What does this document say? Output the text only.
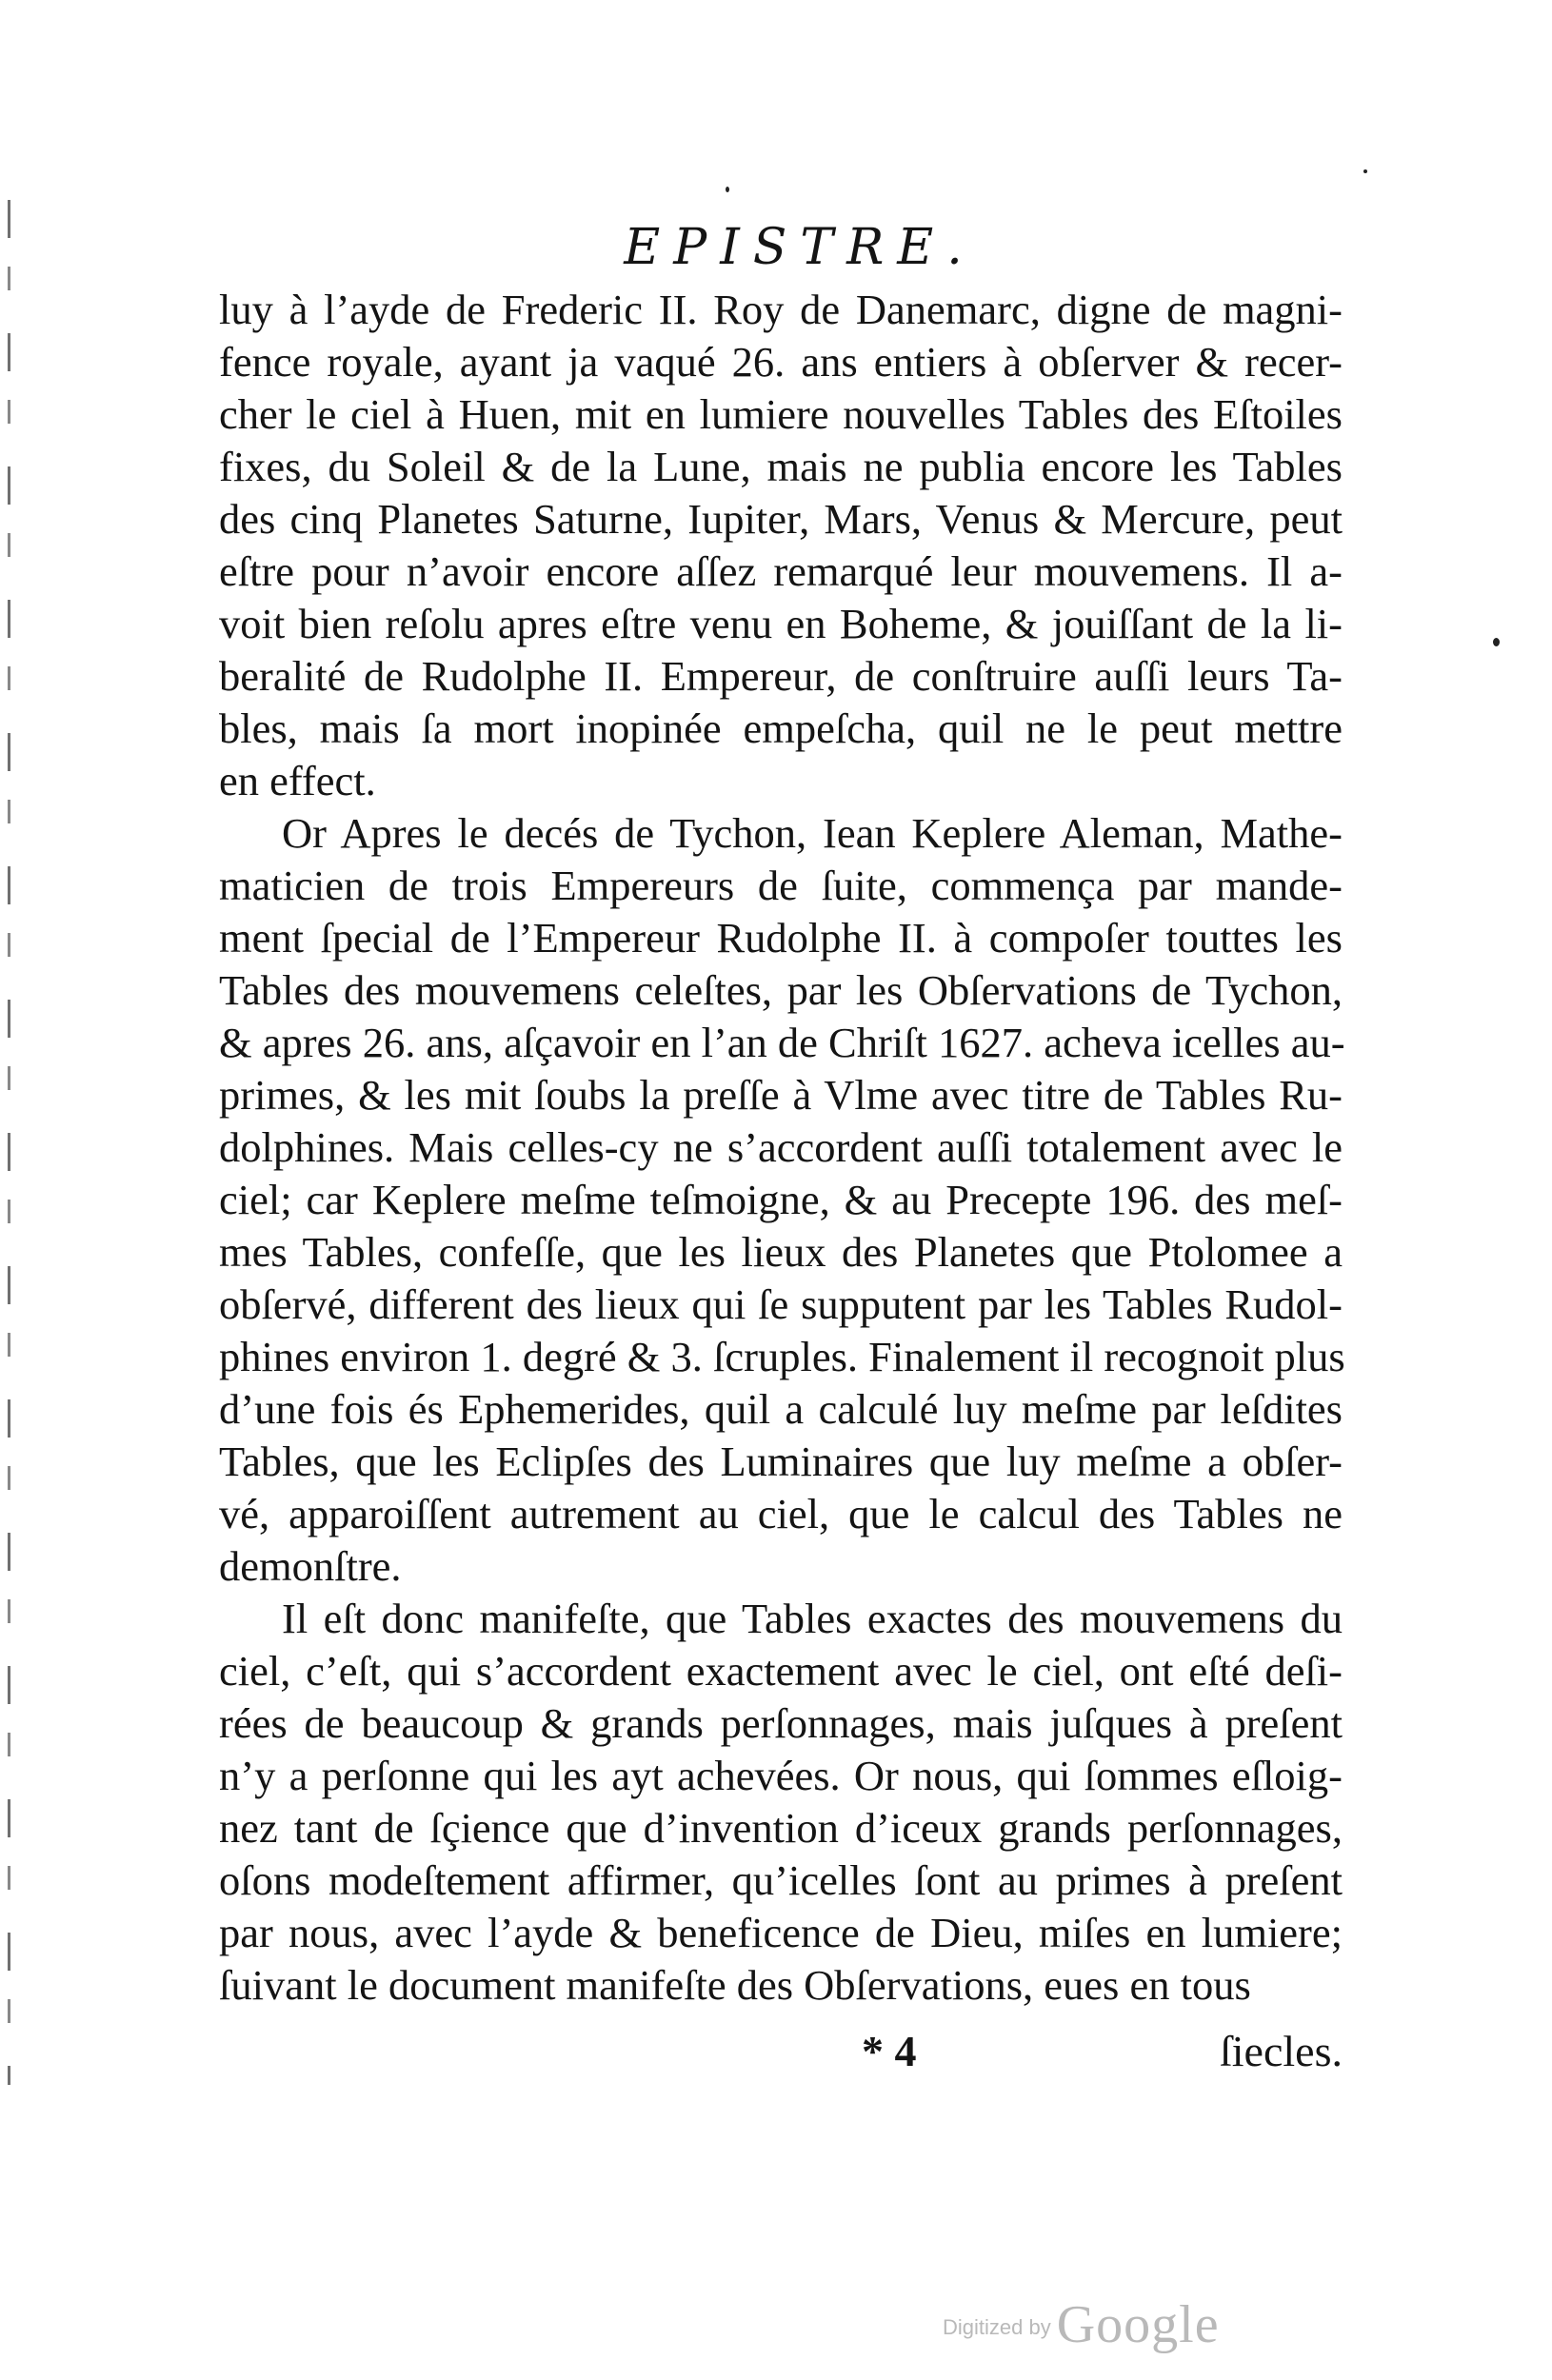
EPISTRE.
luy à l’ayde de Frederic II. Roy de Danemarc, digne de magni-
fence royale, ayant ja vaqué 26. ans entiers à obſerver & recer-
cher le ciel à Huen, mit en lumiere nouvelles Tables des Eſtoiles
fixes, du Soleil & de la Lune, mais ne publia encore les Tables
des cinq Planetes Saturne, Iupiter, Mars, Venus & Mercure, peut
eſtre pour n’avoir encore aſſez remarqué leur mouvemens. Il a-
voit bien reſolu apres eſtre venu en Boheme, & jouiſſant de la li-
beralité de Rudolphe II. Empereur, de conſtruire auſſi leurs Ta-
bles, mais ſa mort inopinée empeſcha, quil ne le peut mettre
en effect.
Or Apres le decés de Tychon, Iean Keplere Aleman, Mathe-
maticien de trois Empereurs de ſuite, commença par mande-
ment ſpecial de l’Empereur Rudolphe II. à compoſer touttes les
Tables des mouvemens celeſtes, par les Obſervations de Tychon,
& apres 26. ans, aſçavoir en l’an de Chriſt 1627. acheva icelles au-
primes, & les mit ſoubs la preſſe à Vlme avec titre de Tables Ru-
dolphines. Mais celles-cy ne s’accordent auſſi totalement avec le
ciel; car Keplere meſme teſmoigne, & au Precepte 196. des meſ-
mes Tables, confeſſe, que les lieux des Planetes que Ptolomee a
obſervé, different des lieux qui ſe supputent par les Tables Rudol-
phines environ 1. degré & 3. ſcruples. Finalement il recognoit plus
d’une fois és Ephemerides, quil a calculé luy meſme par leſdites
Tables, que les Eclipſes des Luminaires que luy meſme a obſer-
vé, apparoiſſent autrement au ciel, que le calcul des Tables ne
demonſtre.
Il eſt donc manifeſte, que Tables exactes des mouvemens du
ciel, c’eſt, qui s’accordent exactement avec le ciel, ont eſté deſi-
rées de beaucoup & grands perſonnages, mais juſques à preſent
n’y a perſonne qui les ayt achevées. Or nous, qui ſommes eſloig-
nez tant de ſçience que d’invention d’iceux grands perſonnages,
oſons modeſtement affirmer, qu’icelles ſont au primes à preſent
par nous, avec l’ayde & beneficence de Dieu, miſes en lumiere;
ſuivant le document manifeſte des Obſervations, eues en tous
* 4	ſiecles.
Digitized by Google
